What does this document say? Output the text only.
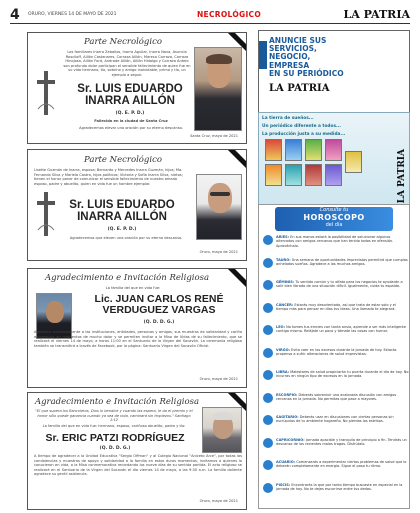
4	ORURO, VIERNES 14 DE MAYO DE 2021	NECROLÓGICO	LA PATRIA
Parte Necrológico
Los familiares Inarra Zeballos, Inarra Aguilar, Inarra Nava, Asuncla Rosciloff, Aillón Castanares, Corraza Aillón, Mareco Corraza, Corraza Hinojosa, Aillón Ford, Andrade Aillón, Aillón Hidalgo y Corraza Antelo son profundo dolor participan el sensible fallecimiento de quien fue en su vida hermano, tío, sobrino y amigo inolvidable, primo y tío, un ejemplo a seguir.
Sr. LUIS EDUARDO INARRA AILLÓN
(Q. E. P. D.)
Fallecido en la ciudad de Santa Cruz
Agradecemos elevar una oración por su eterno descanso.
Santa Cruz, mayo de 2021
Parte Necrológico
Lisette Guzmán de Inarra, esposa; Bernardo y Mercedes Inarra Guzmán, hijos; Ma. Fernanda Silva y Mariela Castro, hijos políticos; Victoria y Sofía Inarra Silva, nietos; tienen el honor poner de comunicar el sensible fallecimiento de nuestro amado esposo, padre y abuelito, quien en vida fue un hombre ejemplar.
Sr. LUIS EDUARDO INARRA AILLÓN
(Q. E. P. D.)
Agradecemos que eleven una oración por su eterno descanso.
Oruro, mayo de 2021
Agradecimiento e Invitación Religiosa
La familia del que en vida fue:
Lic. JUAN CARLOS RENÉ VERDUGUEZ VARGAS
(Q. D. D. G.)
Agradece profundamente a las instituciones, entidades, personas y amigos, sus muestras de solidaridad y cariño expresadas en momentos de mucho dolor y se permiten invitar a la Misa de Vidas de su fallecimiento, que se realizará el viernes 14 de mayo, a horas 11:00 en el Santuario de la Virgen del Socavón. La ceremonia religiosa también se transmitirá a través de Facebook, por la página: Santuario Virgen del Socavón Oficial.
Oruro, mayo de 2021
Agradecimiento e Invitación Religiosa
"El que supera los flancoletos, Dios lo bendice y cuando las espera, le da el premio y el honor sólo quede ganancia cuando ya sea de vida, caminará sin tropiezos." Santiago 1:12
La familia del que en vida fue: hermano, esposo, cariñoso abuelito, padre y tío:
Sr. ERIC PATZI RODRÍGUEZ
(Q. D. D. G.)
A tiempo de agradecer a la Unidad Educativa "Sergio Offman" y al Colegio Nacional "Aniceto Arce", por todas las condolencias y muestras de apoyo y solidaridad a la familia en estos duros momentos, invitamos a quienes lo conocieron en vida, a la Misa conmemorativa recordando los nueve días de su sentida partida. El acto religioso se realizará en el Santuario de la Virgen del Socavón el día viernes 14 de mayo, a las 9:30 a.m. La familia doliente agradece su gentil asistencia.
Oruro, mayo de 2021
ANUNCIE SUS
SERVICIOS,
NEGOCIO,
EMPRESA
EN SU PERIÓDICO
LA PATRIA
La tierra de sueños...
Un periódico diferente a todos...
La producción justa a su medida...
LA PATRIA
Consulte tu
HOROSCOPO
del día
ARIES: En sus manos estará la posibilidad de solucionar algunos altercados con amigos cercanos que han tenido todos en ofensión. Aprovéchalo.
TAURO: Una semana de oportunidades imprevistas permitirá que cumplas anhelados sueños. Agradece a los muchos amigos.
GÉMINIS: Tu sentido común y tu olfato para los negocios te ayudarán a salir bien librado de una situación difícil. Igualmente, cuida tu espalda.
CÁNCER: Estarás muy desorientado, así que trata de estar solo y el tiempo más para pensar en días tus ideas. Una llamada te alegrará.
LEO: No tomes tus errores con tanta ansia, aprende a ser más inteligente contigo mismo. Relájate un poco y tómate las cosas con humor.
VIRGO: Evita caer en los excesos durante la jornada de hoy. Estarás propenso a sufrir alteraciones de salud imprevistas.
LIBRA: Malestares de salud propiciarán tu puerta durante el día de hoy. No incurras en ningún tipo de excesos en la jornada.
ESCORPIO: Deberás sobrevivir una acalorada discusión con amigos cercanos en la jornada. No permitas que pase a mayores.
SAGITARIO: Deberás usar en discusiones con ciertas personas sin escrúpulos de tu ambiente hogareño. No pierdas los estribos.
CAPRICORNIO: Jornada apacible y tranquila de principio a fin. Tendrás un descanso de los recientes malos tragos. Disfrútalo.
ACUARIO: Comenzarás a experimentar ciertos problemas de salud que lo deberán completamente en energía. Sigue el paso tu ritmo.
PISCIS: Encontrarás la que por tanto tiempo buscaste en especial en la jornada de hoy. No te dejes escurrirse entre tus dedos.
